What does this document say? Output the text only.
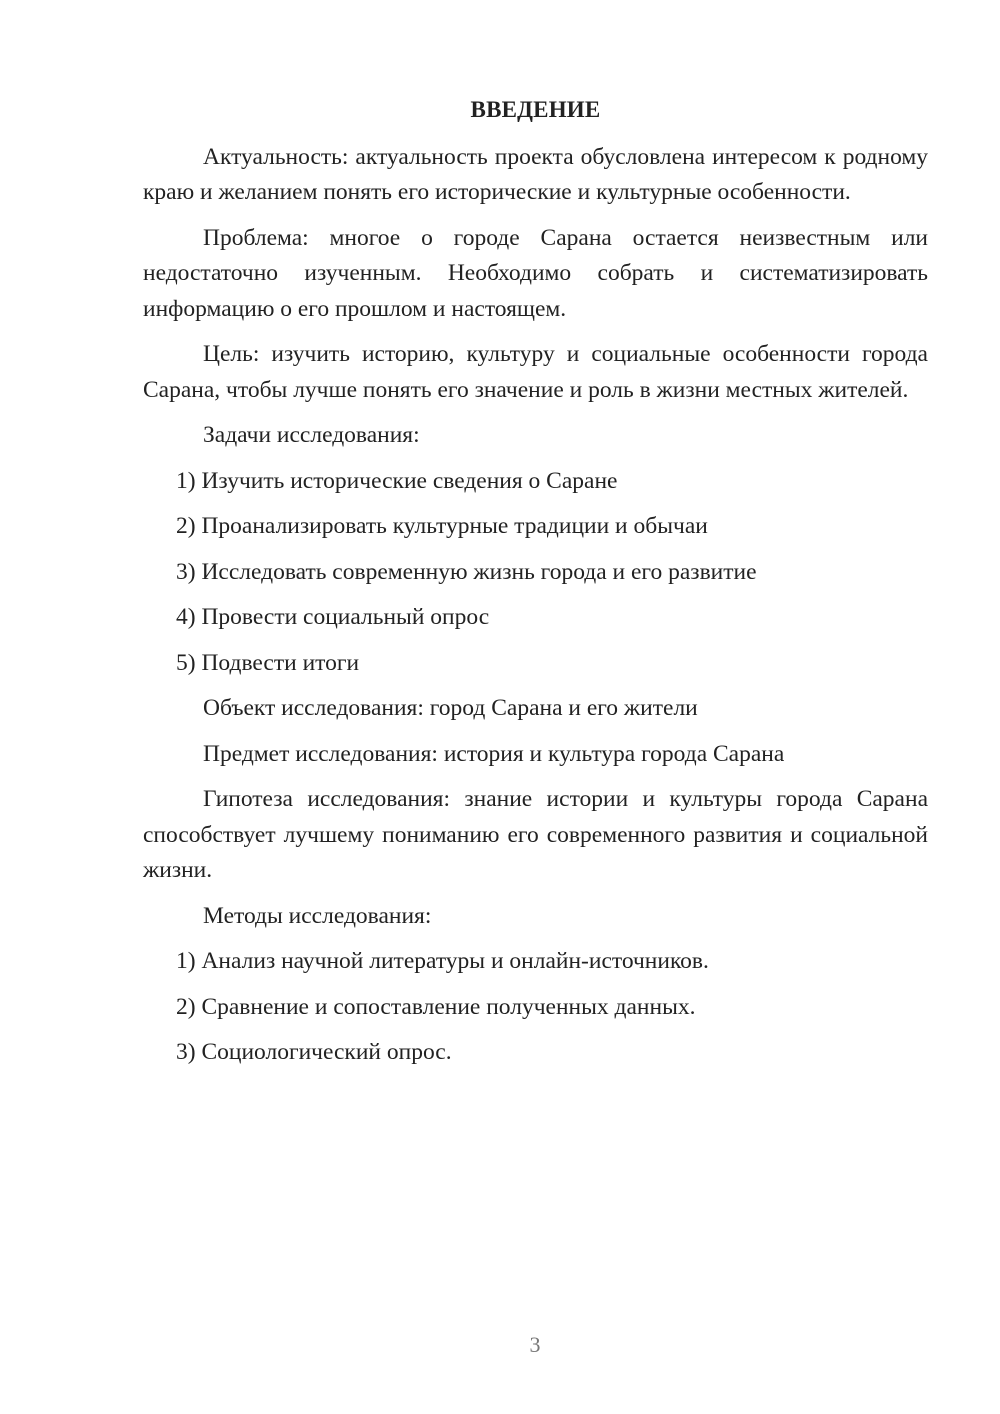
ВВЕДЕНИЕ
Актуальность: актуальность проекта обусловлена интересом к родному краю и желанием понять его исторические и культурные особенности.
Проблема: многое о городе Сарана остается неизвестным или недостаточно изученным. Необходимо собрать и систематизировать информацию о его прошлом и настоящем.
Цель: изучить историю, культуру и социальные особенности города Сарана, чтобы лучше понять его значение и роль в жизни местных жителей.
Задачи исследования:
1) Изучить исторические сведения о Саране
2) Проанализировать культурные традиции и обычаи
3) Исследовать современную жизнь города и его развитие
4) Провести социальный опрос
5) Подвести итоги
Объект исследования: город Сарана и его жители
Предмет исследования: история и культура города Сарана
Гипотеза исследования: знание истории и культуры города Сарана способствует лучшему пониманию его современного развития и социальной жизни.
Методы исследования:
1) Анализ научной литературы и онлайн-источников.
2) Сравнение и сопоставление полученных данных.
3) Социологический опрос.
3
